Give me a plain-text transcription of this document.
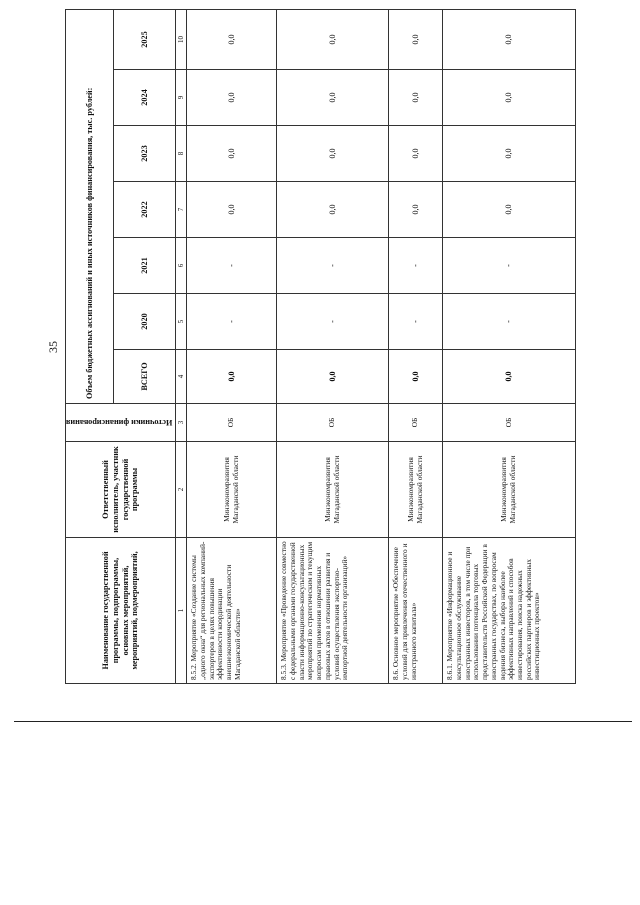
35
Наименование государственной программы, подпрограммы, основных мероприятий, мероприятий, подмероприятий,	Ответственный исполнитель, участник государственной программы	Источники финансирования	Объем бюджетных ассигнований и иных источников финансирования, тыс. рублей:						
			ВСЕГО	2020	2021	2022	2023	2024	2025
1	2	3	4	5	6	7	8	9	10
8.5.2. Мероприятие «Создание системы „одного окна“ для региональных компаний-экспортеров в целях повышения эффективности координации внешнеэкономической деятельности Магаданской области»	Минэкономразвития Магаданской области	ОБ	0,0	-	-	0,0	0,0	0,0	0,0
8.5.3. Мероприятие «Проведение совместно с федеральными органами государственной власти информационно-консультационных мероприятий по стратегическим и текущим вопросам применения нормативных правовых актов в отношении развития и условий осуществления экспортно-импортной деятельности организаций»	Минэкономразвития Магаданской области	ОБ	0,0	-	-	0,0	0,0	0,0	0,0
8.6. Основное мероприятие «Обеспечение условий для привлечения отечественного и иностранного капитала»	Минэкономразвития Магаданской области	ОБ	0,0	-	-	0,0	0,0	0,0	0,0
8.6.1. Мероприятие «Информационное и консультационное обслуживание иностранных инвесторов, в том числе при использовании потенциала торговых представительств Российской Федерации в иностранных государствах, по вопросам ведения бизнеса, выбора наиболее эффективных направлений и способов инвестирования, поиска надежных российских партнеров и эффективных инвестиционных проектов»	Минэкономразвития Магаданской области	ОБ	0,0	-	-	0,0	0,0	0,0	0,0
